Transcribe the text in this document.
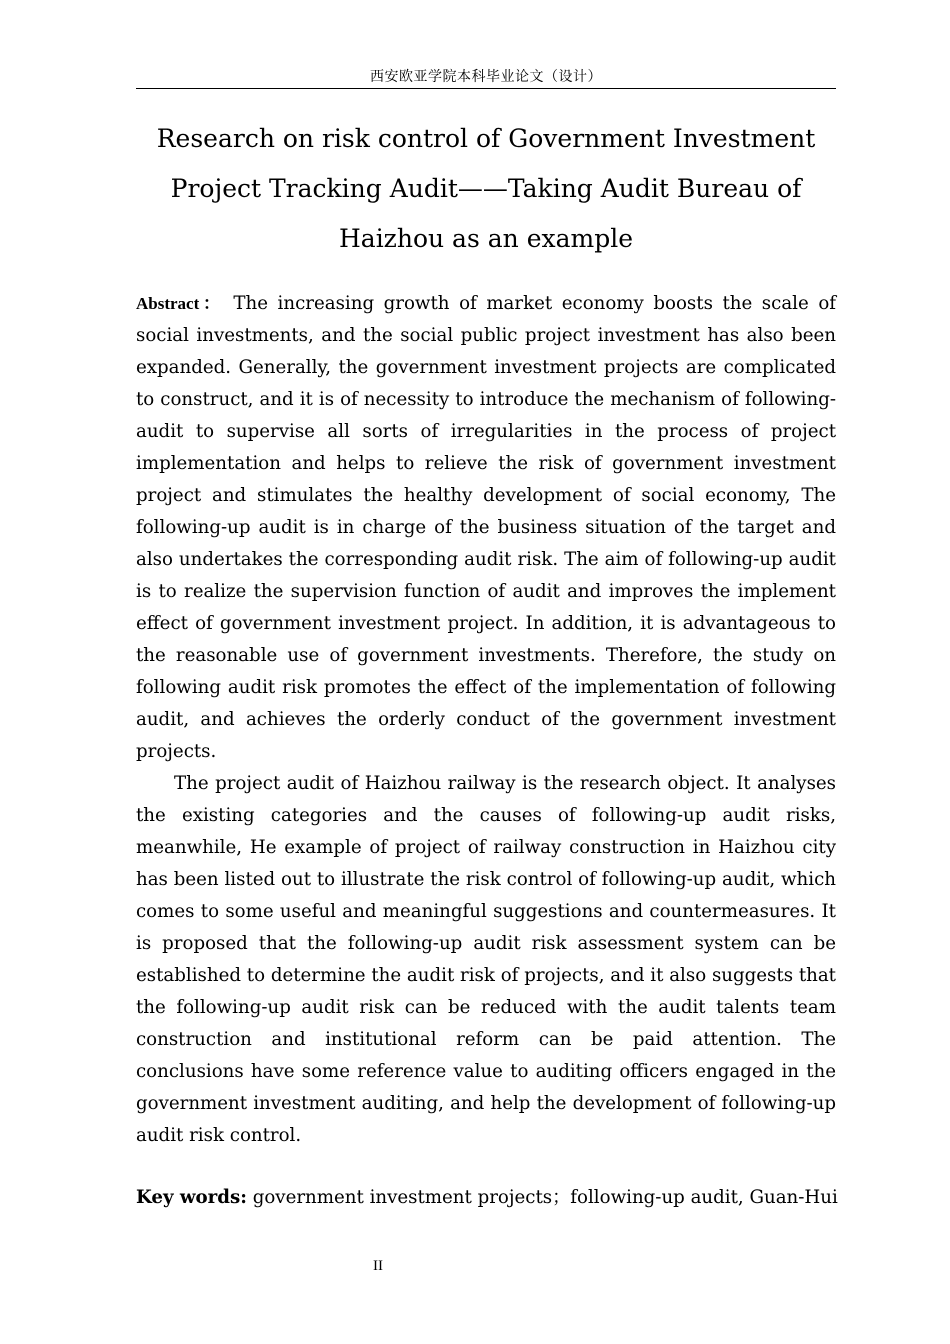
西安欧亚学院本科毕业论文（设计）
Research on risk control of Government Investment
Project Tracking Audit——Taking Audit Bureau of
Haizhou as an example

Abstract： The increasing growth of market economy boosts the scale of social investments, and the social public project investment has also been expanded. Generally, the government investment projects are complicated to construct, and it is of necessity to introduce the mechanism of following-audit to supervise all sorts of irregularities in the process of project implementation and helps to relieve the risk of government investment project and stimulates the healthy development of social economy, The following-up audit is in charge of the business situation of the target and also undertakes the corresponding audit risk. The aim of following-up audit is to realize the supervision function of audit and improves the implement effect of government investment project. In addition, it is advantageous to the reasonable use of government investments. Therefore, the study on following audit risk promotes the effect of the implementation of following audit, and achieves the orderly conduct of the government investment projects.

The project audit of Haizhou railway is the research object. It analyses the existing categories and the causes of following-up audit risks, meanwhile, He example of project of railway construction in Haizhou city has been listed out to illustrate the risk control of following-up audit, which comes to some useful and meaningful suggestions and countermeasures. It is proposed that the following-up audit risk assessment system can be established to determine the audit risk of projects, and it also suggests that the following-up audit risk can be reduced with the audit talents team construction and institutional reform can be paid attention. The conclusions have some reference value to auditing officers engaged in the government investment auditing, and help the development of following-up audit risk control.

Key words: government investment projects；following-up audit, Guan-Hui
II
